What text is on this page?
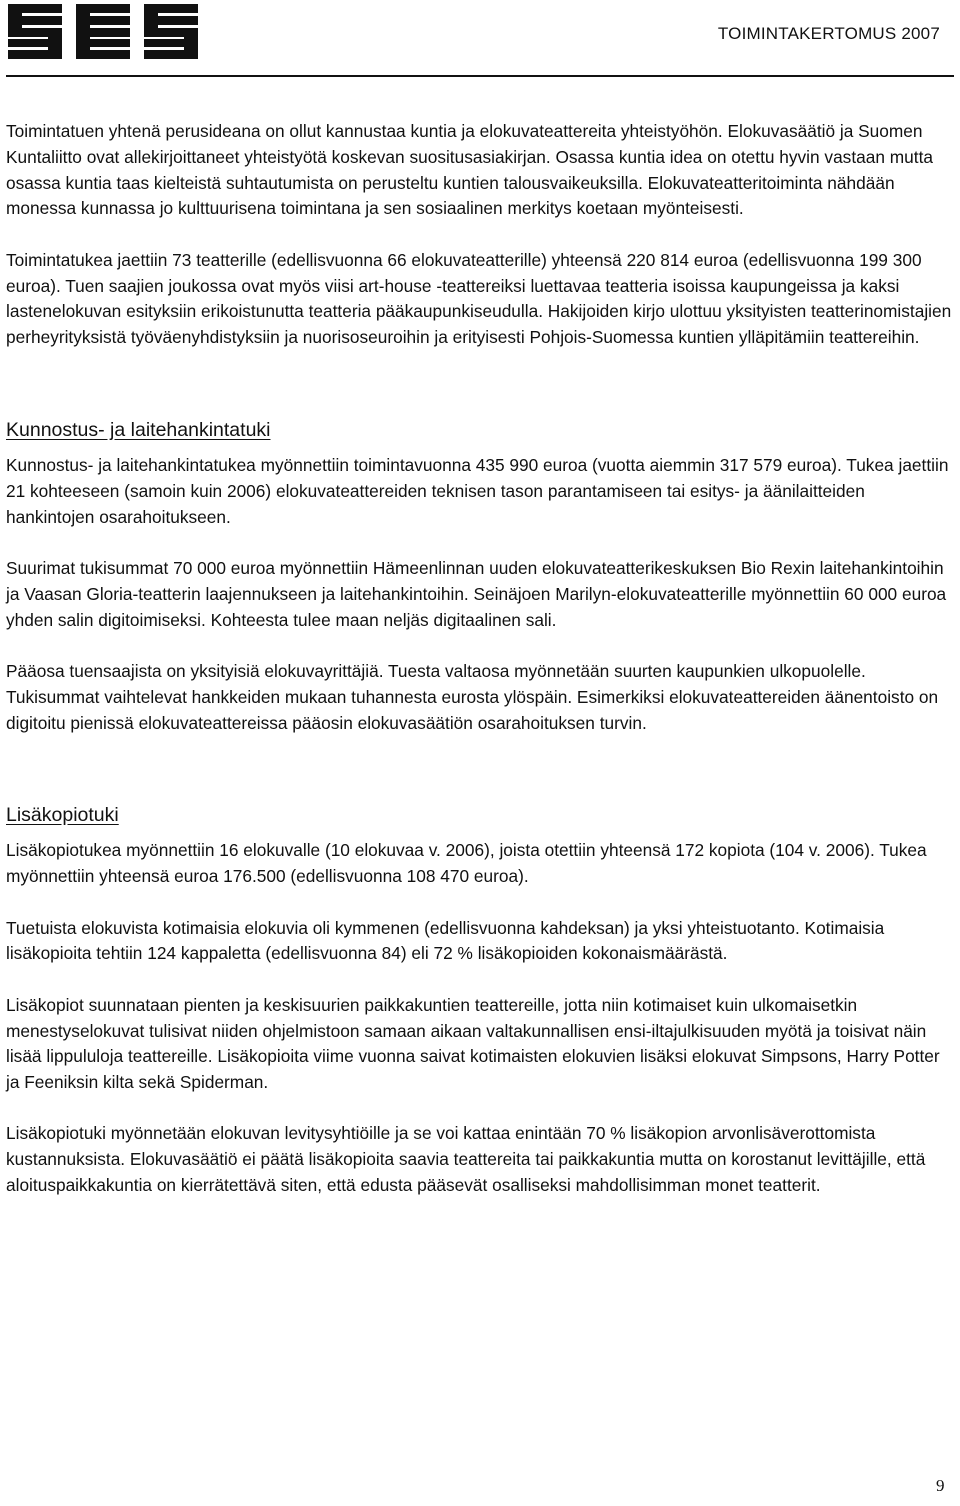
TOIMINTAKERTOMUS 2007

Toimintatuen yhtenä perusideana on ollut kannustaa kuntia ja elokuvateattereita yhteistyöhön. Elokuvasäätiö ja Suomen Kuntaliitto ovat allekirjoittaneet yhteistyötä koskevan suositusasiakirjan. Osassa kuntia idea on otettu hyvin vastaan mutta osassa kuntia taas kielteistä suhtautumista on perusteltu kuntien talousvaikeuksilla. Elokuvateatteritoiminta nähdään monessa kunnassa jo kulttuurisena toimintana ja sen sosiaalinen merkitys koetaan myönteisesti.

Toimintatukea jaettiin 73 teatterille (edellisvuonna 66 elokuvateatterille) yhteensä 220 814 euroa (edellisvuonna 199 300 euroa). Tuen saajien joukossa ovat myös viisi art-house -teattereiksi luettavaa teatteria isoissa kaupungeissa ja kaksi lastenelokuvan esityksiin erikoistunutta teatteria pääkaupunkiseudulla. Hakijoiden kirjo ulottuu yksityisten teatterinomistajien perheyrityksistä työväenyhdistyksiin ja nuorisoseuroihin ja erityisesti Pohjois-Suomessa kuntien ylläpitämiin teattereihin.

Kunnostus- ja laitehankintatuki

Kunnostus- ja laitehankintatukea myönnettiin toimintavuonna 435 990 euroa (vuotta aiemmin 317 579 euroa). Tukea jaettiin 21 kohteeseen (samoin kuin 2006) elokuvateattereiden teknisen tason parantamiseen tai esitys- ja äänilaitteiden hankintojen osarahoitukseen.

Suurimat tukisummat 70 000 euroa myönnettiin Hämeenlinnan uuden elokuvateatterikeskuksen Bio Rexin laitehankintoihin ja Vaasan Gloria-teatterin laajennukseen ja laitehankintoihin. Seinäjoen Marilyn-elokuvateatterille myönnettiin 60 000 euroa yhden salin digitoimiseksi. Kohteesta tulee maan neljäs digitaalinen sali.

Pääosa tuensaajista on yksityisiä elokuvayrittäjiä. Tuesta valtaosa myönnetään suurten kaupunkien ulkopuolelle. Tukisummat vaihtelevat hankkeiden mukaan tuhannesta eurosta ylöspäin. Esimerkiksi elokuvateattereiden äänentoisto on digitoitu pienissä elokuvateattereissa pääosin elokuvasäätiön osarahoituksen turvin.

Lisäkopiotuki

Lisäkopiotukea myönnettiin 16 elokuvalle (10 elokuvaa v. 2006), joista otettiin yhteensä 172 kopiota (104 v. 2006). Tukea myönnettiin yhteensä euroa 176.500 (edellisvuonna 108 470 euroa).

Tuetuista elokuvista kotimaisia elokuvia oli kymmenen (edellisvuonna kahdeksan) ja yksi yhteistuotanto. Kotimaisia lisäkopioita tehtiin 124 kappaletta (edellisvuonna 84) eli 72 % lisäkopioiden kokonaismäärästä.

Lisäkopiot suunnataan pienten ja keskisuurien paikkakuntien teattereille, jotta niin kotimaiset kuin ulkomaisetkin menestyselokuvat tulisivat niiden ohjelmistoon samaan aikaan valtakunnallisen ensi-iltajulkisuuden myötä ja toisivat näin lisää lippululoja teattereille. Lisäkopioita viime vuonna saivat kotimaisten elokuvien lisäksi elokuvat Simpsons, Harry Potter ja Feeniksin kilta sekä Spiderman.

Lisäkopiotuki myönnetään elokuvan levitysyhtiöille ja se voi kattaa enintään 70 % lisäkopion arvonlisäverottomista kustannuksista. Elokuvasäätiö ei päätä lisäkopioita saavia teattereita tai paikkakuntia mutta on korostanut levittäjille, että aloituspaikkakuntia on kierrätettävä siten, että edusta pääsevät osalliseksi mahdollisimman monet teatterit.

9
